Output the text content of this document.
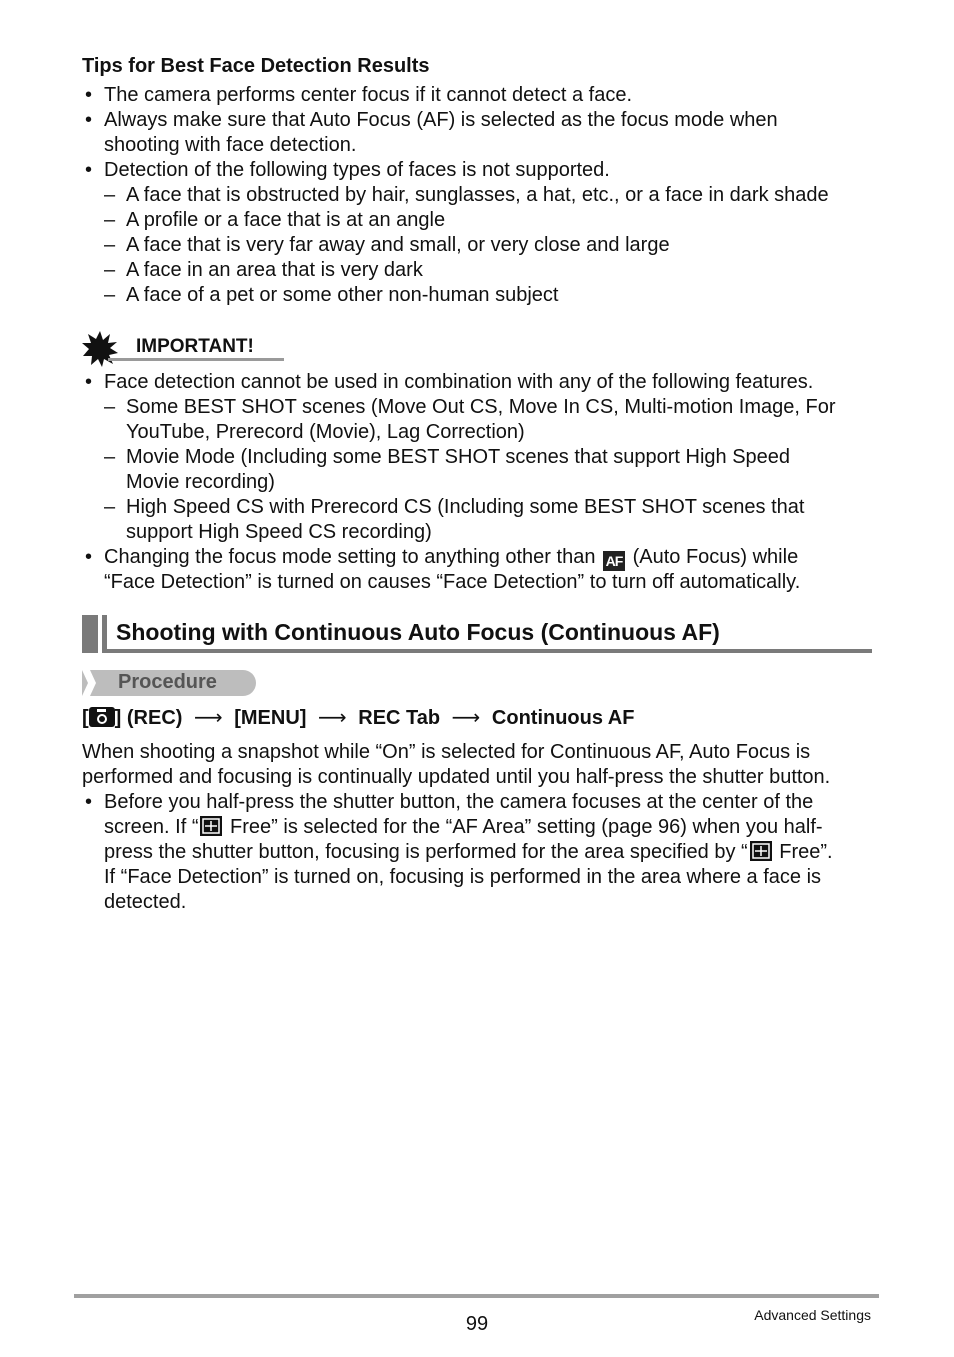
Tips for Best Face Detection Results
• The camera performs center focus if it cannot detect a face.
• Always make sure that Auto Focus (AF) is selected as the focus mode when
shooting with face detection.
• Detection of the following types of faces is not supported.
– A face that is obstructed by hair, sunglasses, a hat, etc., or a face in dark shade
– A profile or a face that is at an angle
– A face that is very far away and small, or very close and large
– A face in an area that is very dark
– A face of a pet or some other non-human subject
IMPORTANT!
• Face detection cannot be used in combination with any of the following features.
– Some BEST SHOT scenes (Move Out CS, Move In CS, Multi-motion Image, For
YouTube, Prerecord (Movie), Lag Correction)
– Movie Mode (Including some BEST SHOT scenes that support High Speed
Movie recording)
– High Speed CS with Prerecord CS (Including some BEST SHOT scenes that
support High Speed CS recording)
• Changing the focus mode setting to anything other than AF (Auto Focus) while
“Face Detection” is turned on causes “Face Detection” to turn off automatically.
Shooting with Continuous Auto Focus (Continuous AF)
Procedure
[ ] (REC) ⟶ [MENU] ⟶ REC Tab ⟶ Continuous AF
When shooting a snapshot while “On” is selected for Continuous AF, Auto Focus is
performed and focusing is continually updated until you half-press the shutter button.
• Before you half-press the shutter button, the camera focuses at the center of the
screen. If “ Free” is selected for the “AF Area” setting (page 96) when you half-
press the shutter button, focusing is performed for the area specified by “ Free”.
If “Face Detection” is turned on, focusing is performed in the area where a face is
detected.
99	Advanced Settings
